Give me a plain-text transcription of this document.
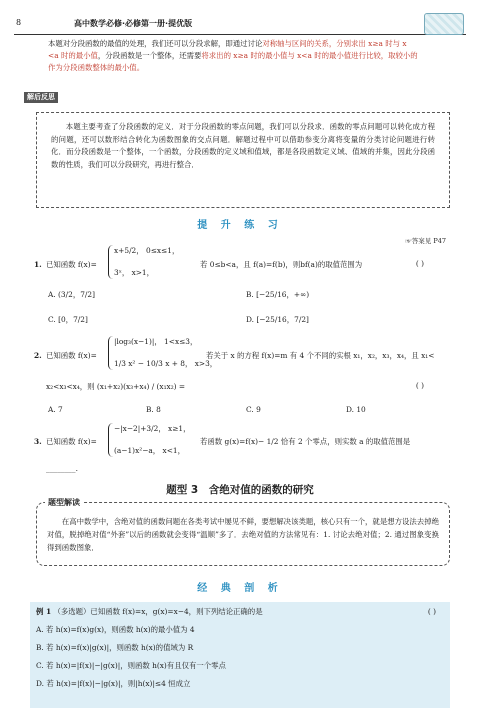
8	高中数学必修·必修第一册·提优版
本题对分段函数的最值的处理，我们还可以分段求解，即通过讨论对称轴与区间的关系，分别求出 x≥a 时与 x
<a 时的最小值，分段函数是一个整体，还需要将求出的 x≥a 时的最小值与 x<a 时的最小值进行比较，取较小的
作为分段函数整体的最小值。
解后反思
本题主要考查了分段函数的定义．对于分段函数的零点问题，我们可以分段求．函数的零点问题可以转化成方程的问题，还可以数形结合转化为函数图象的交点问题．解题过程中可以借助参变分离将变量的分类讨论问题进行转化．而分段函数是一个整体，一个函数，分段函数的定义域和值域，都是各段函数定义域、值域的并集，因此分段函数的性质，我们可以分段研究，再进行整合．
提 升 练 习
☞答案见 P47
1. 已知函数 f(x)=
x+5/2， 0≤x≤1，
3ˣ， x>1，
若 0≤b<a，且 f(a)=f(b)，则bf(a)的取值范围为	( )
A. (3/2，7/2]	B. [−25/16，+∞)
C. [0，7/2]	D. [−25/16，7/2]
2. 已知函数 f(x)=
|log₃(x−1)|， 1<x≤3，
1/3 x² − 10/3 x + 8， x>3，
若关于 x 的方程 f(x)=m 有 4 个不同的实根 x₁，x₂，x₃，x₄，且 x₁<
x₂<x₃<x₄，则 (x₁+x₂)(x₃+x₄) / (x₁x₂) =	( )
A. 7	B. 8	C. 9	D. 10
3. 已知函数 f(x)=
−|x−2|+3/2， x≥1，
(a−1)x²−a， x<1，
若函数 g(x)=f(x)− 1/2 恰有 2 个零点，则实数 a 的取值范围是
________.
题型 3　含绝对值的函数的研究
题型解读
在高中数学中，含绝对值的函数问题在各类考试中屡见不鲜，要想解决该类题，核心只有一个，就是想方设法去掉绝对值，脱掉绝对值“外套”以后的函数就会变得“温顺”多了．去绝对值的方法常见有：1. 讨论去绝对值；2. 通过图象变换得到函数图象．
经 典 剖 析
例 1 （多选题）已知函数 f(x)=x，g(x)=x−4，则下列结论正确的是	( )
A. 若 h(x)=f(x)g(x)，则函数 h(x)的最小值为 4
B. 若 h(x)=f(x)|g(x)|，则函数 h(x)的值域为 R
C. 若 h(x)=|f(x)|−|g(x)|，则函数 h(x)有且仅有一个零点
D. 若 h(x)=|f(x)|−|g(x)|，则|h(x)|≤4 恒成立
